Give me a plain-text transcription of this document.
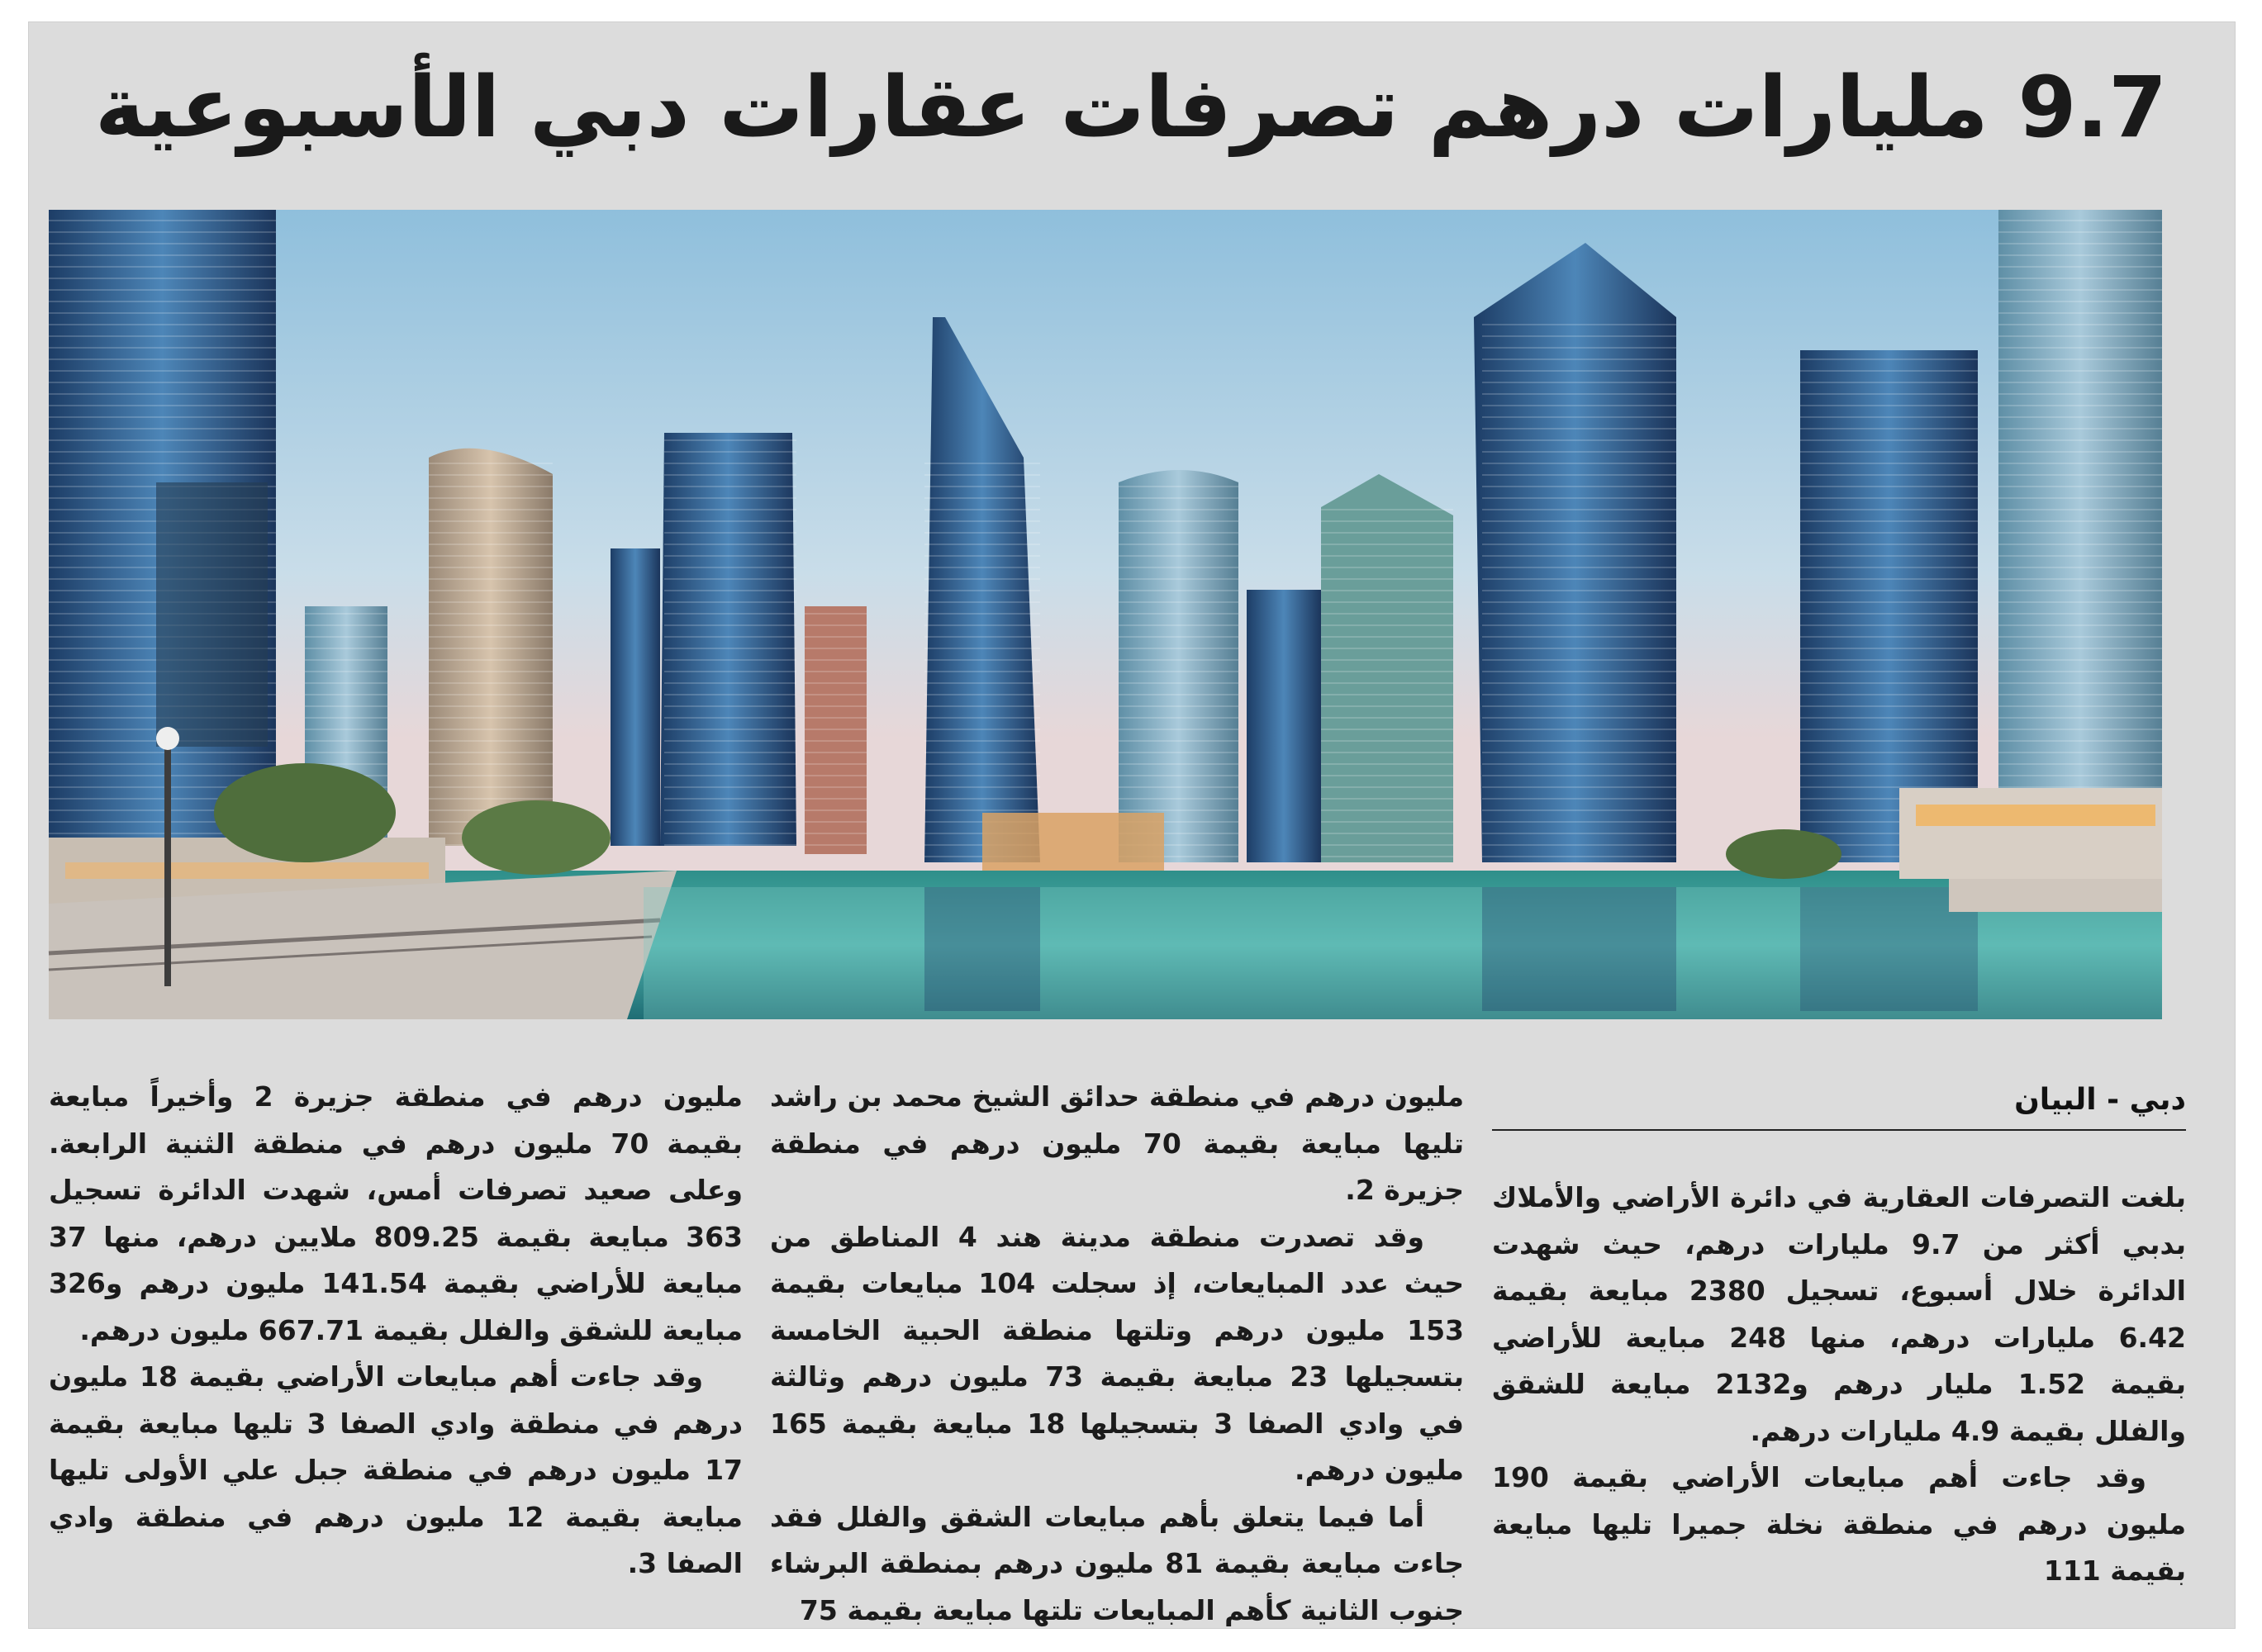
9.7 مليارات درهم تصرفات عقارات دبي الأسبوعية
دبي - البيان

بلغت التصرفات العقارية في دائرة الأراضي والأملاك بدبي أكثر من 9.7 مليارات درهم، حيث شهدت الدائرة خلال أسبوع، تسجيل 2380 مبايعة بقيمة 6.42 مليارات درهم، منها 248 مبايعة للأراضي بقيمة 1.52 مليار درهم و2132 مبايعة للشقق والفلل بقيمة 4.9 مليارات درهم.

وقد جاءت أهم مبايعات الأراضي بقيمة 190 مليون درهم في منطقة نخلة جميرا تليها مبايعة بقيمة 111

مليون درهم في منطقة حدائق الشيخ محمد بن راشد تليها مبايعة بقيمة 70 مليون درهم في منطقة جزيرة 2.

وقد تصدرت منطقة مدينة هند 4 المناطق من حيث عدد المبايعات، إذ سجلت 104 مبايعات بقيمة 153 مليون درهم وتلتها منطقة الحبية الخامسة بتسجيلها 23 مبايعة بقيمة 73 مليون درهم وثالثة في وادي الصفا 3 بتسجيلها 18 مبايعة بقيمة 165 مليون درهم.

أما فيما يتعلق بأهم مبايعات الشقق والفلل فقد جاءت مبايعة بقيمة 81 مليون درهم بمنطقة البرشاء جنوب الثانية كأهم المبايعات تلتها مبايعة بقيمة 75

مليون درهم في منطقة جزيرة 2 وأخيراً مبايعة بقيمة 70 مليون درهم في منطقة الثنية الرابعة. وعلى صعيد تصرفات أمس، شهدت الدائرة تسجيل 363 مبايعة بقيمة 809.25 ملايين درهم، منها 37 مبايعة للأراضي بقيمة 141.54 مليون درهم و326 مبايعة للشقق والفلل بقيمة 667.71 مليون درهم.

وقد جاءت أهم مبايعات الأراضي بقيمة 18 مليون درهم في منطقة وادي الصفا 3 تليها مبايعة بقيمة 17 مليون درهم في منطقة جبل علي الأولى تليها مبايعة بقيمة 12 مليون درهم في منطقة وادي الصفا 3.
